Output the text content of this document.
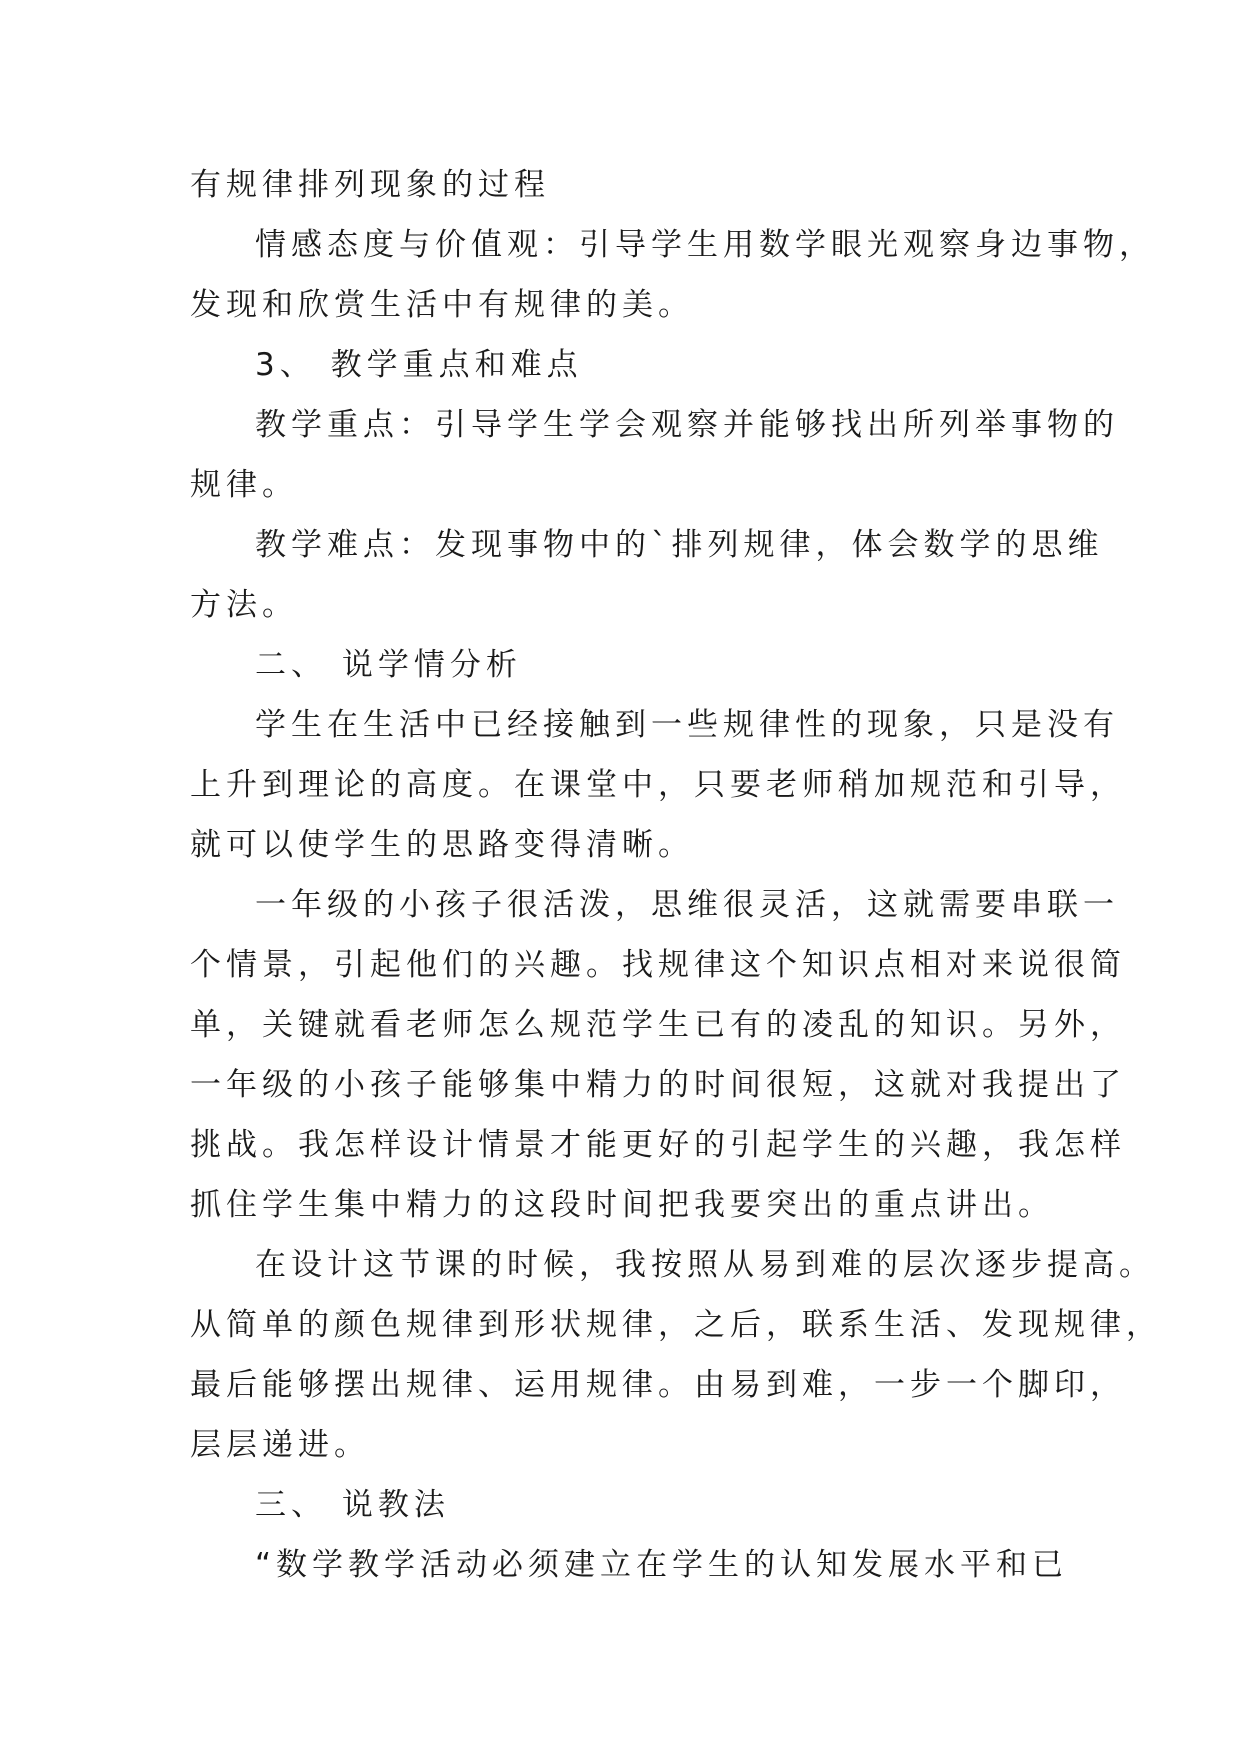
有规律排列现象的过程
情感态度与价值观：引导学生用数学眼光观察身边事物，
发现和欣赏生活中有规律的美。
3、 教学重点和难点
教学重点：引导学生学会观察并能够找出所列举事物的
规律。
教学难点：发现事物中的`排列规律，体会数学的思维
方法。
二、 说学情分析
学生在生活中已经接触到一些规律性的现象，只是没有
上升到理论的高度。在课堂中，只要老师稍加规范和引导，
就可以使学生的思路变得清晰。
一年级的小孩子很活泼，思维很灵活，这就需要串联一
个情景，引起他们的兴趣。找规律这个知识点相对来说很简
单，关键就看老师怎么规范学生已有的凌乱的知识。另外，
一年级的小孩子能够集中精力的时间很短，这就对我提出了
挑战。我怎样设计情景才能更好的引起学生的兴趣，我怎样
抓住学生集中精力的这段时间把我要突出的重点讲出。
在设计这节课的时候，我按照从易到难的层次逐步提高。
从简单的颜色规律到形状规律，之后，联系生活、发现规律，
最后能够摆出规律、运用规律。由易到难，一步一个脚印，
层层递进。
三、 说教法
“数学教学活动必须建立在学生的认知发展水平和已
